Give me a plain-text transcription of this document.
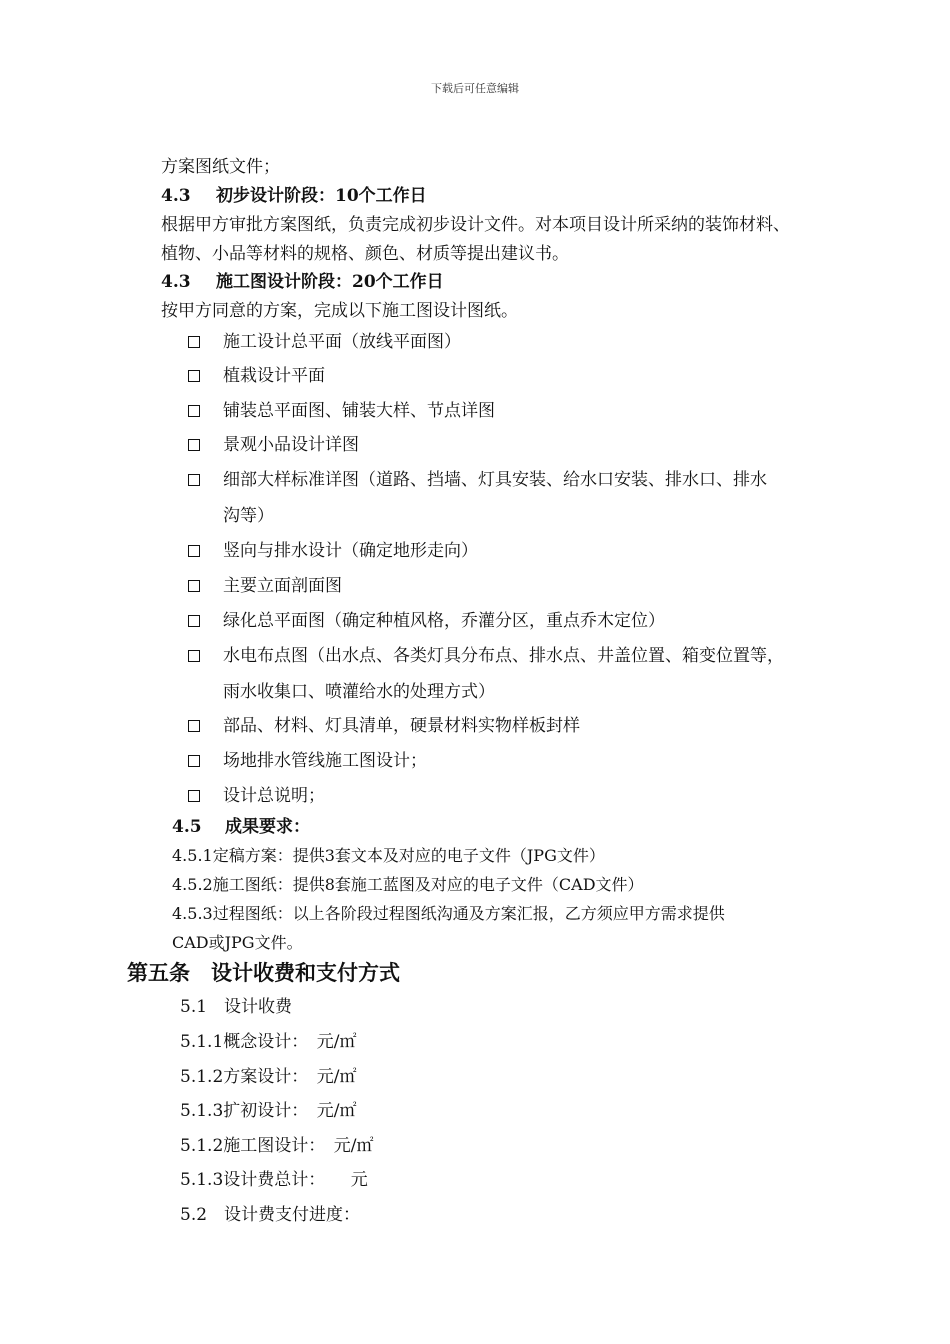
下载后可任意编辑
方案图纸文件；
4.3 初步设计阶段：10个工作日
根据甲方审批方案图纸，负责完成初步设计文件。对本项目设计所采纳的装饰材料、
植物、小品等材料的规格、颜色、材质等提出建议书。
4.3 施工图设计阶段：20个工作日
按甲方同意的方案，完成以下施工图设计图纸。
施工设计总平面（放线平面图）
植栽设计平面
铺装总平面图、铺装大样、节点详图
景观小品设计详图
细部大样标准详图（道路、挡墙、灯具安装、给水口安装、排水口、排水
沟等）
竖向与排水设计（确定地形走向）
主要立面剖面图
绿化总平面图（确定种植风格，乔灌分区，重点乔木定位）
水电布点图（出水点、各类灯具分布点、排水点、井盖位置、箱变位置等，
雨水收集口、喷灌给水的处理方式）
部品、材料、灯具清单，硬景材料实物样板封样
场地排水管线施工图设计；
设计总说明；
4.5 成果要求：
4.5.1定稿方案：提供3套文本及对应的电子文件（JPG文件）
4.5.2施工图纸：提供8套施工蓝图及对应的电子文件（CAD文件）
4.5.3过程图纸：以上各阶段过程图纸沟通及方案汇报，乙方须应甲方需求提供
CAD或JPG文件。
第五条　设计收费和支付方式
5.1　设计收费
5.1.1概念设计：　元/㎡
5.1.2方案设计：　元/㎡
5.1.3扩初设计：　元/㎡
5.1.2施工图设计：　元/㎡
5.1.3设计费总计：　　元
5.2　设计费支付进度：
